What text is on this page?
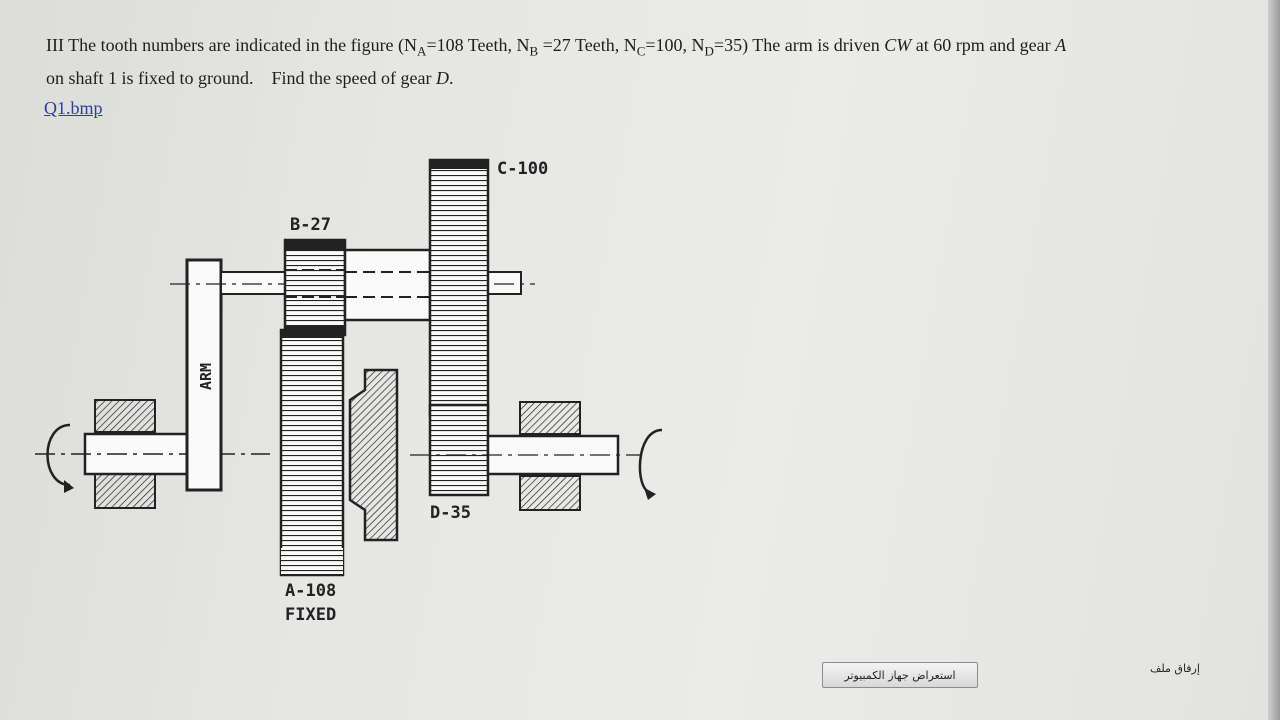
III The tooth numbers are indicated in the figure ($N_A=108$ Teeth, $N_B =27$ Teeth, $N_C=100$, $N_D=35$) The arm is driven CW at 60 rpm and gear A
on shaft 1 is fixed to ground. Find the speed of gear D.
Q1.bmp
ARM
B-27
C-100
A-108
FIXED
D-35
استعراض جهاز الكمبيوتر	إرفاق ملف
